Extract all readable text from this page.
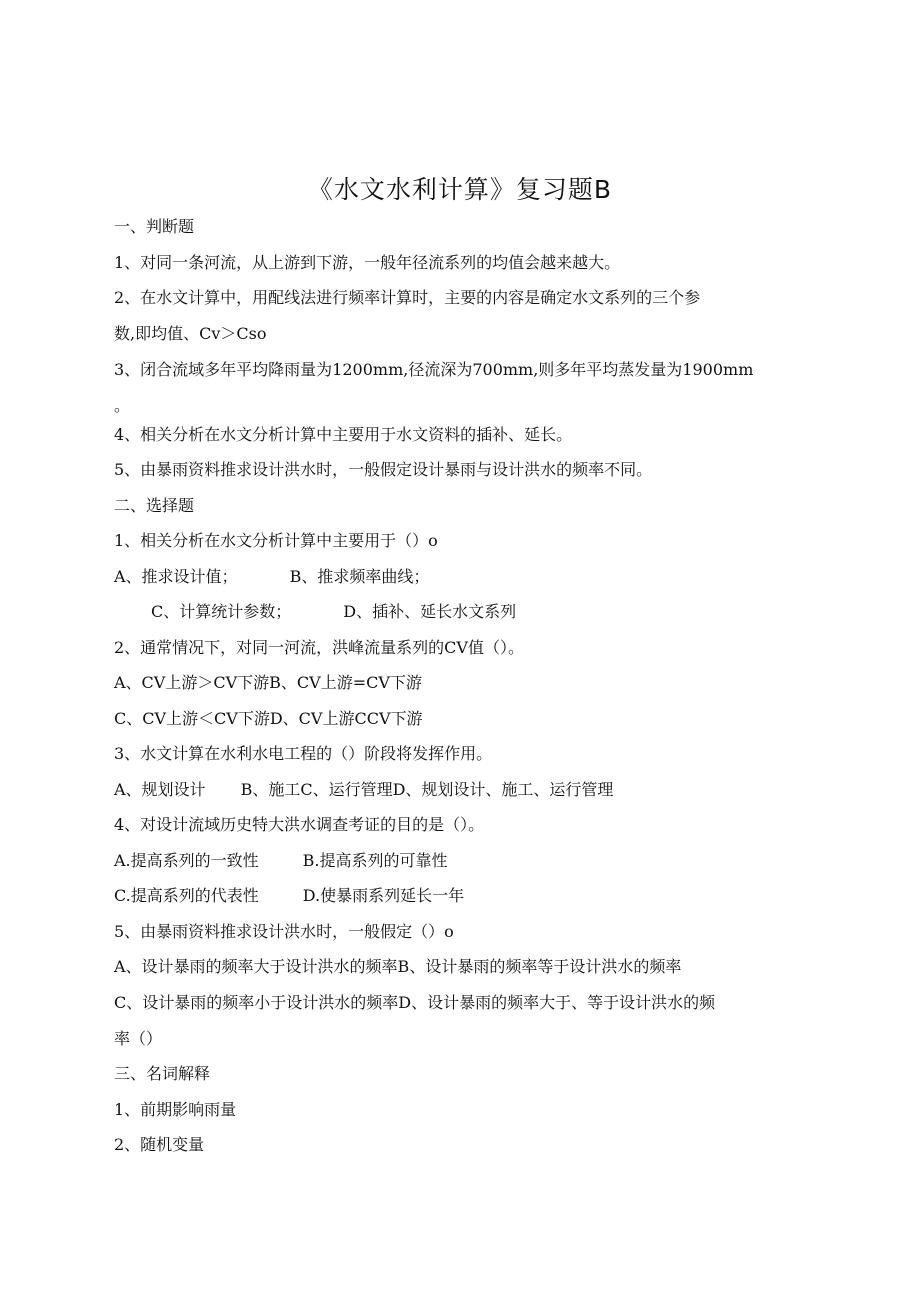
《水文水利计算》复习题B
一、判断题
1、对同一条河流，从上游到下游，一般年径流系列的均值会越来越大。
2、在水文计算中，用配线法进行频率计算时，主要的内容是确定水文系列的三个参
数,即均值、Cv＞Cso
3、闭合流域多年平均降雨量为1200mm,径流深为700mm,则多年平均蒸发量为1900mm
。
4、相关分析在水文分析计算中主要用于水文资料的插补、延长。
5、由暴雨资料推求设计洪水时，一般假定设计暴雨与设计洪水的频率不同。
二、选择题
1、相关分析在水文分析计算中主要用于（）o
A、推求设计值；	B、推求频率曲线；
C、计算统计参数；	D、插补、延长水文系列
2、通常情况下，对同一河流，洪峰流量系列的CV值（）。
A、CV上游＞CV下游B、CV上游=CV下游
C、CV上游＜CV下游D、CV上游CCV下游
3、水文计算在水利水电工程的（）阶段将发挥作用。
A、规划设计 B、施工C、运行管理D、规划设计、施工、运行管理
4、对设计流域历史特大洪水调查考证的目的是（）。
A.提高系列的一致性	B.提高系列的可靠性
C.提高系列的代表性	D.使暴雨系列延长一年
5、由暴雨资料推求设计洪水时，一般假定（）o
A、设计暴雨的频率大于设计洪水的频率B、设计暴雨的频率等于设计洪水的频率
C、设计暴雨的频率小于设计洪水的频率D、设计暴雨的频率大于、等于设计洪水的频
率（）
三、名词解释
1、前期影响雨量
2、随机变量
